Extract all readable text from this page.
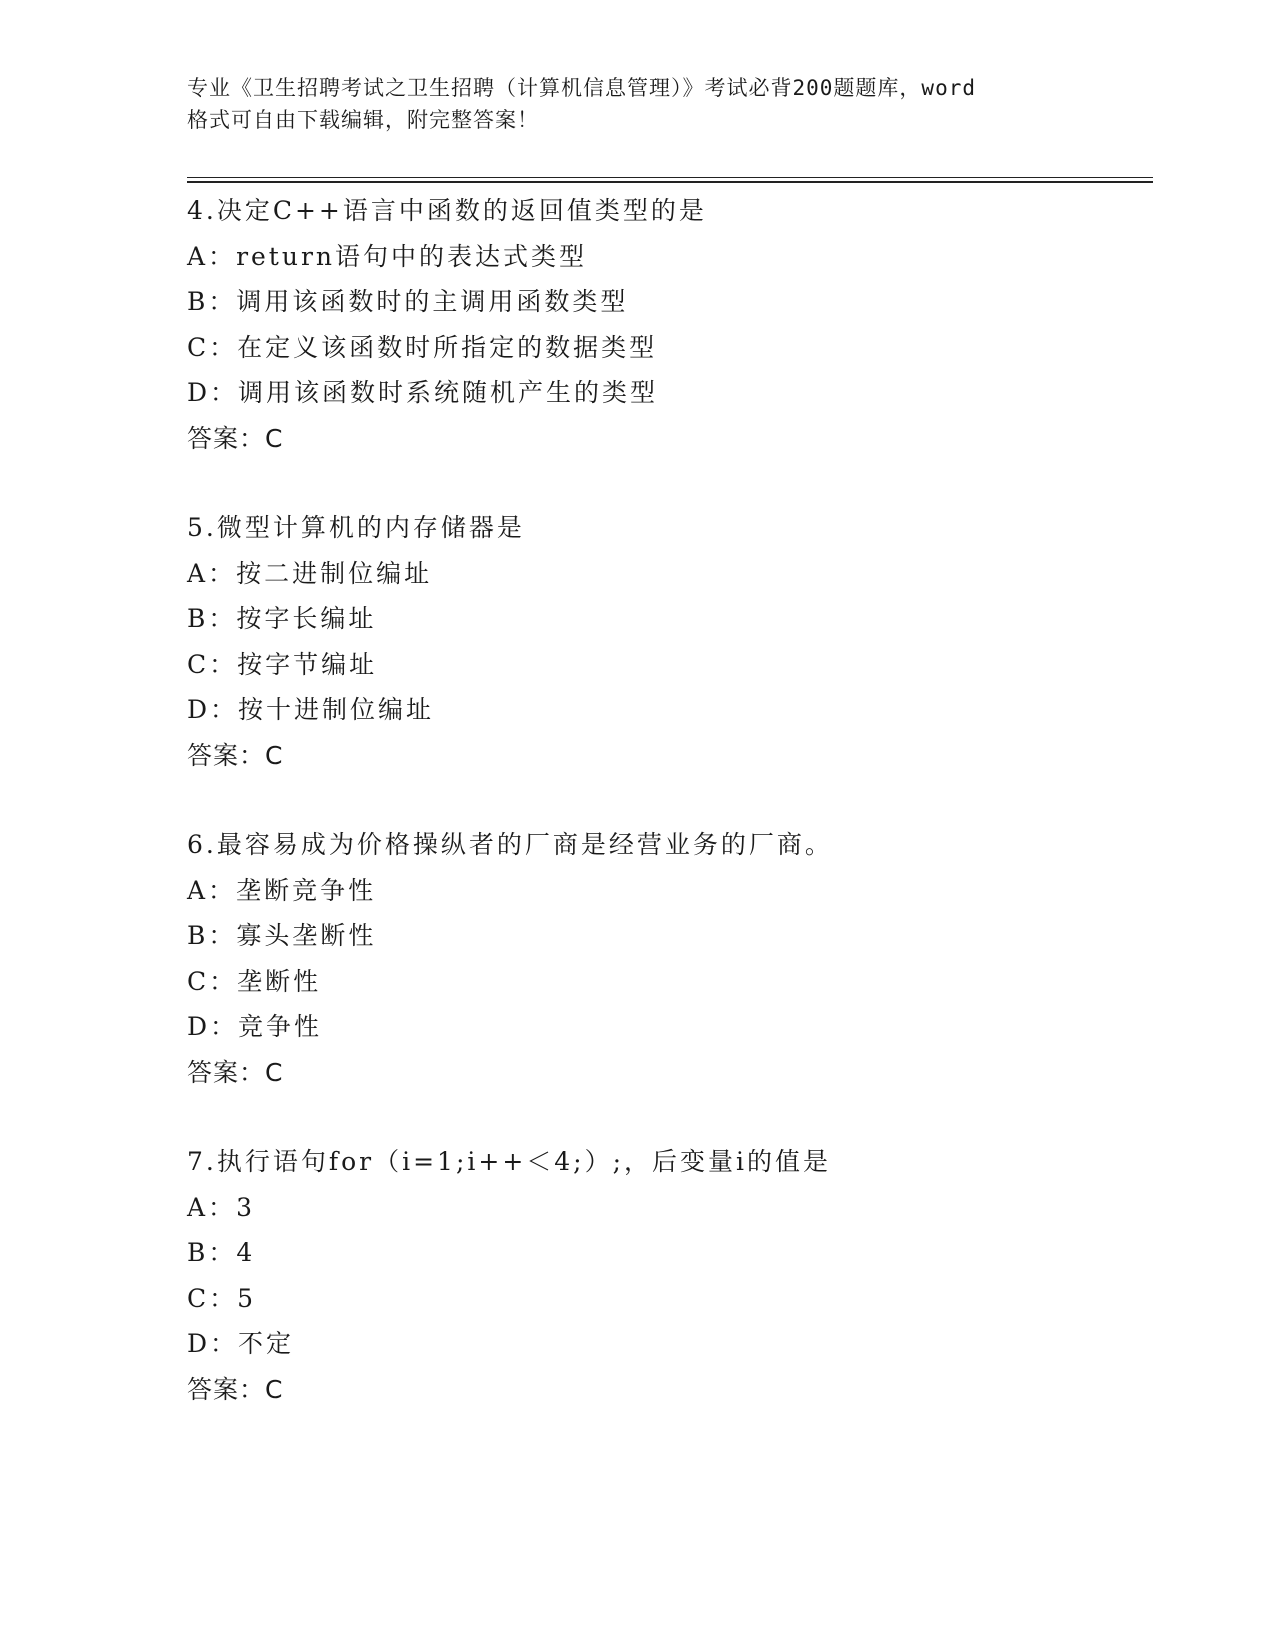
专业《卫生招聘考试之卫生招聘（计算机信息管理）》考试必背200题题库，word
格式可自由下载编辑，附完整答案！
4.决定C++语言中函数的返回值类型的是
A：return语句中的表达式类型
B：调用该函数时的主调用函数类型
C：在定义该函数时所指定的数据类型
D：调用该函数时系统随机产生的类型
答案：C
5.微型计算机的内存储器是
A：按二进制位编址
B：按字长编址
C：按字节编址
D：按十进制位编址
答案：C
6.最容易成为价格操纵者的厂商是经营业务的厂商。
A：垄断竞争性
B：寡头垄断性
C：垄断性
D：竞争性
答案：C
7.执行语句for（i=1;i++＜4;）;，后变量i的值是
A：3
B：4
C：5
D：不定
答案：C
